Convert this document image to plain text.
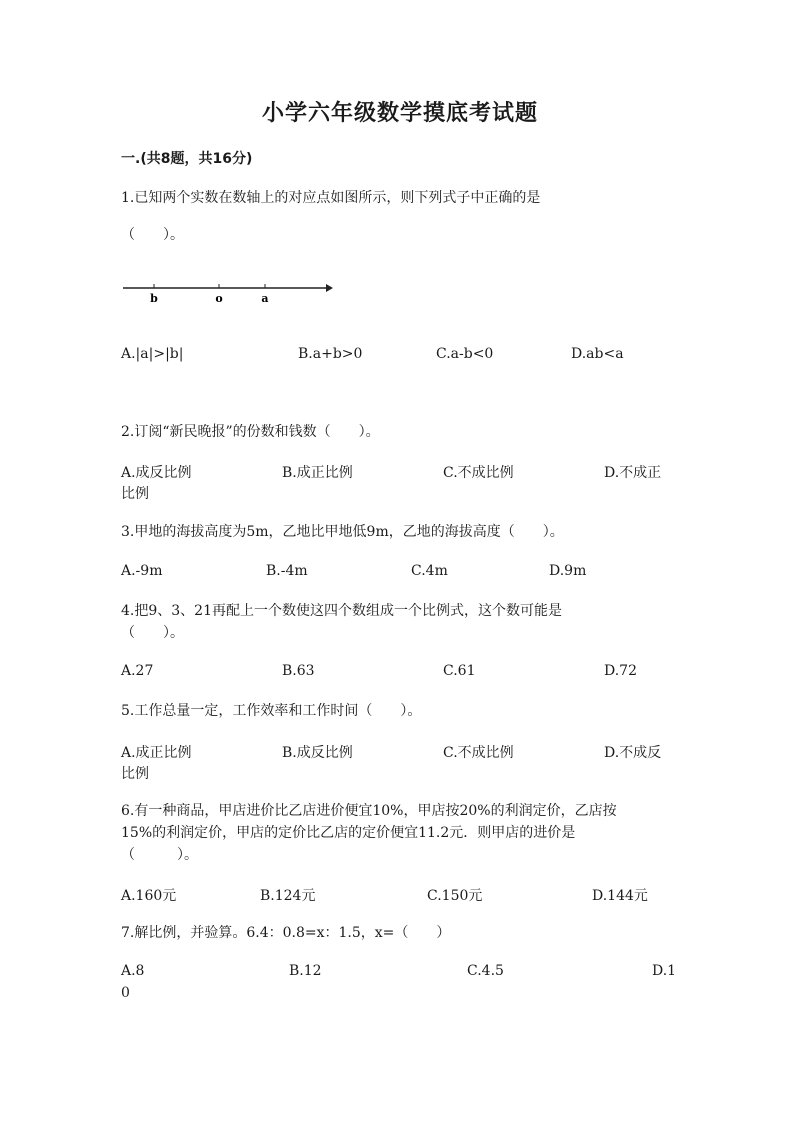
小学六年级数学摸底考试题
一.(共8题，共16分)
1.已知两个实数在数轴上的对应点如图所示，则下列式子中正确的是
（　　）。
b	o	a
A.|a|>|b|	B.a+b>0	C.a-b<0	D.ab<a
2.订阅“新民晚报”的份数和钱数（　　）。
A.成反比例	B.成正比例	C.不成比例	D.不成正
比例
3.甲地的海拔高度为5m，乙地比甲地低9m，乙地的海拔高度（　　）。
A.-9m	B.-4m	C.4m	D.9m
4.把9、3、21再配上一个数使这四个数组成一个比例式，这个数可能是
（　　）。
A.27	B.63	C.61	D.72
5.工作总量一定，工作效率和工作时间（　　）。
A.成正比例	B.成反比例	C.不成比例	D.不成反
比例
6.有一种商品，甲店进价比乙店进价便宜10%，甲店按20%的利润定价，乙店按
15%的利润定价，甲店的定价比乙店的定价便宜11.2元．则甲店的进价是
（　　　）。
A.160元	B.124元	C.150元	D.144元
7.解比例，并验算。6.4：0.8=x：1.5，x=（　　）
A.8	B.12	C.4.5	D.1
0
